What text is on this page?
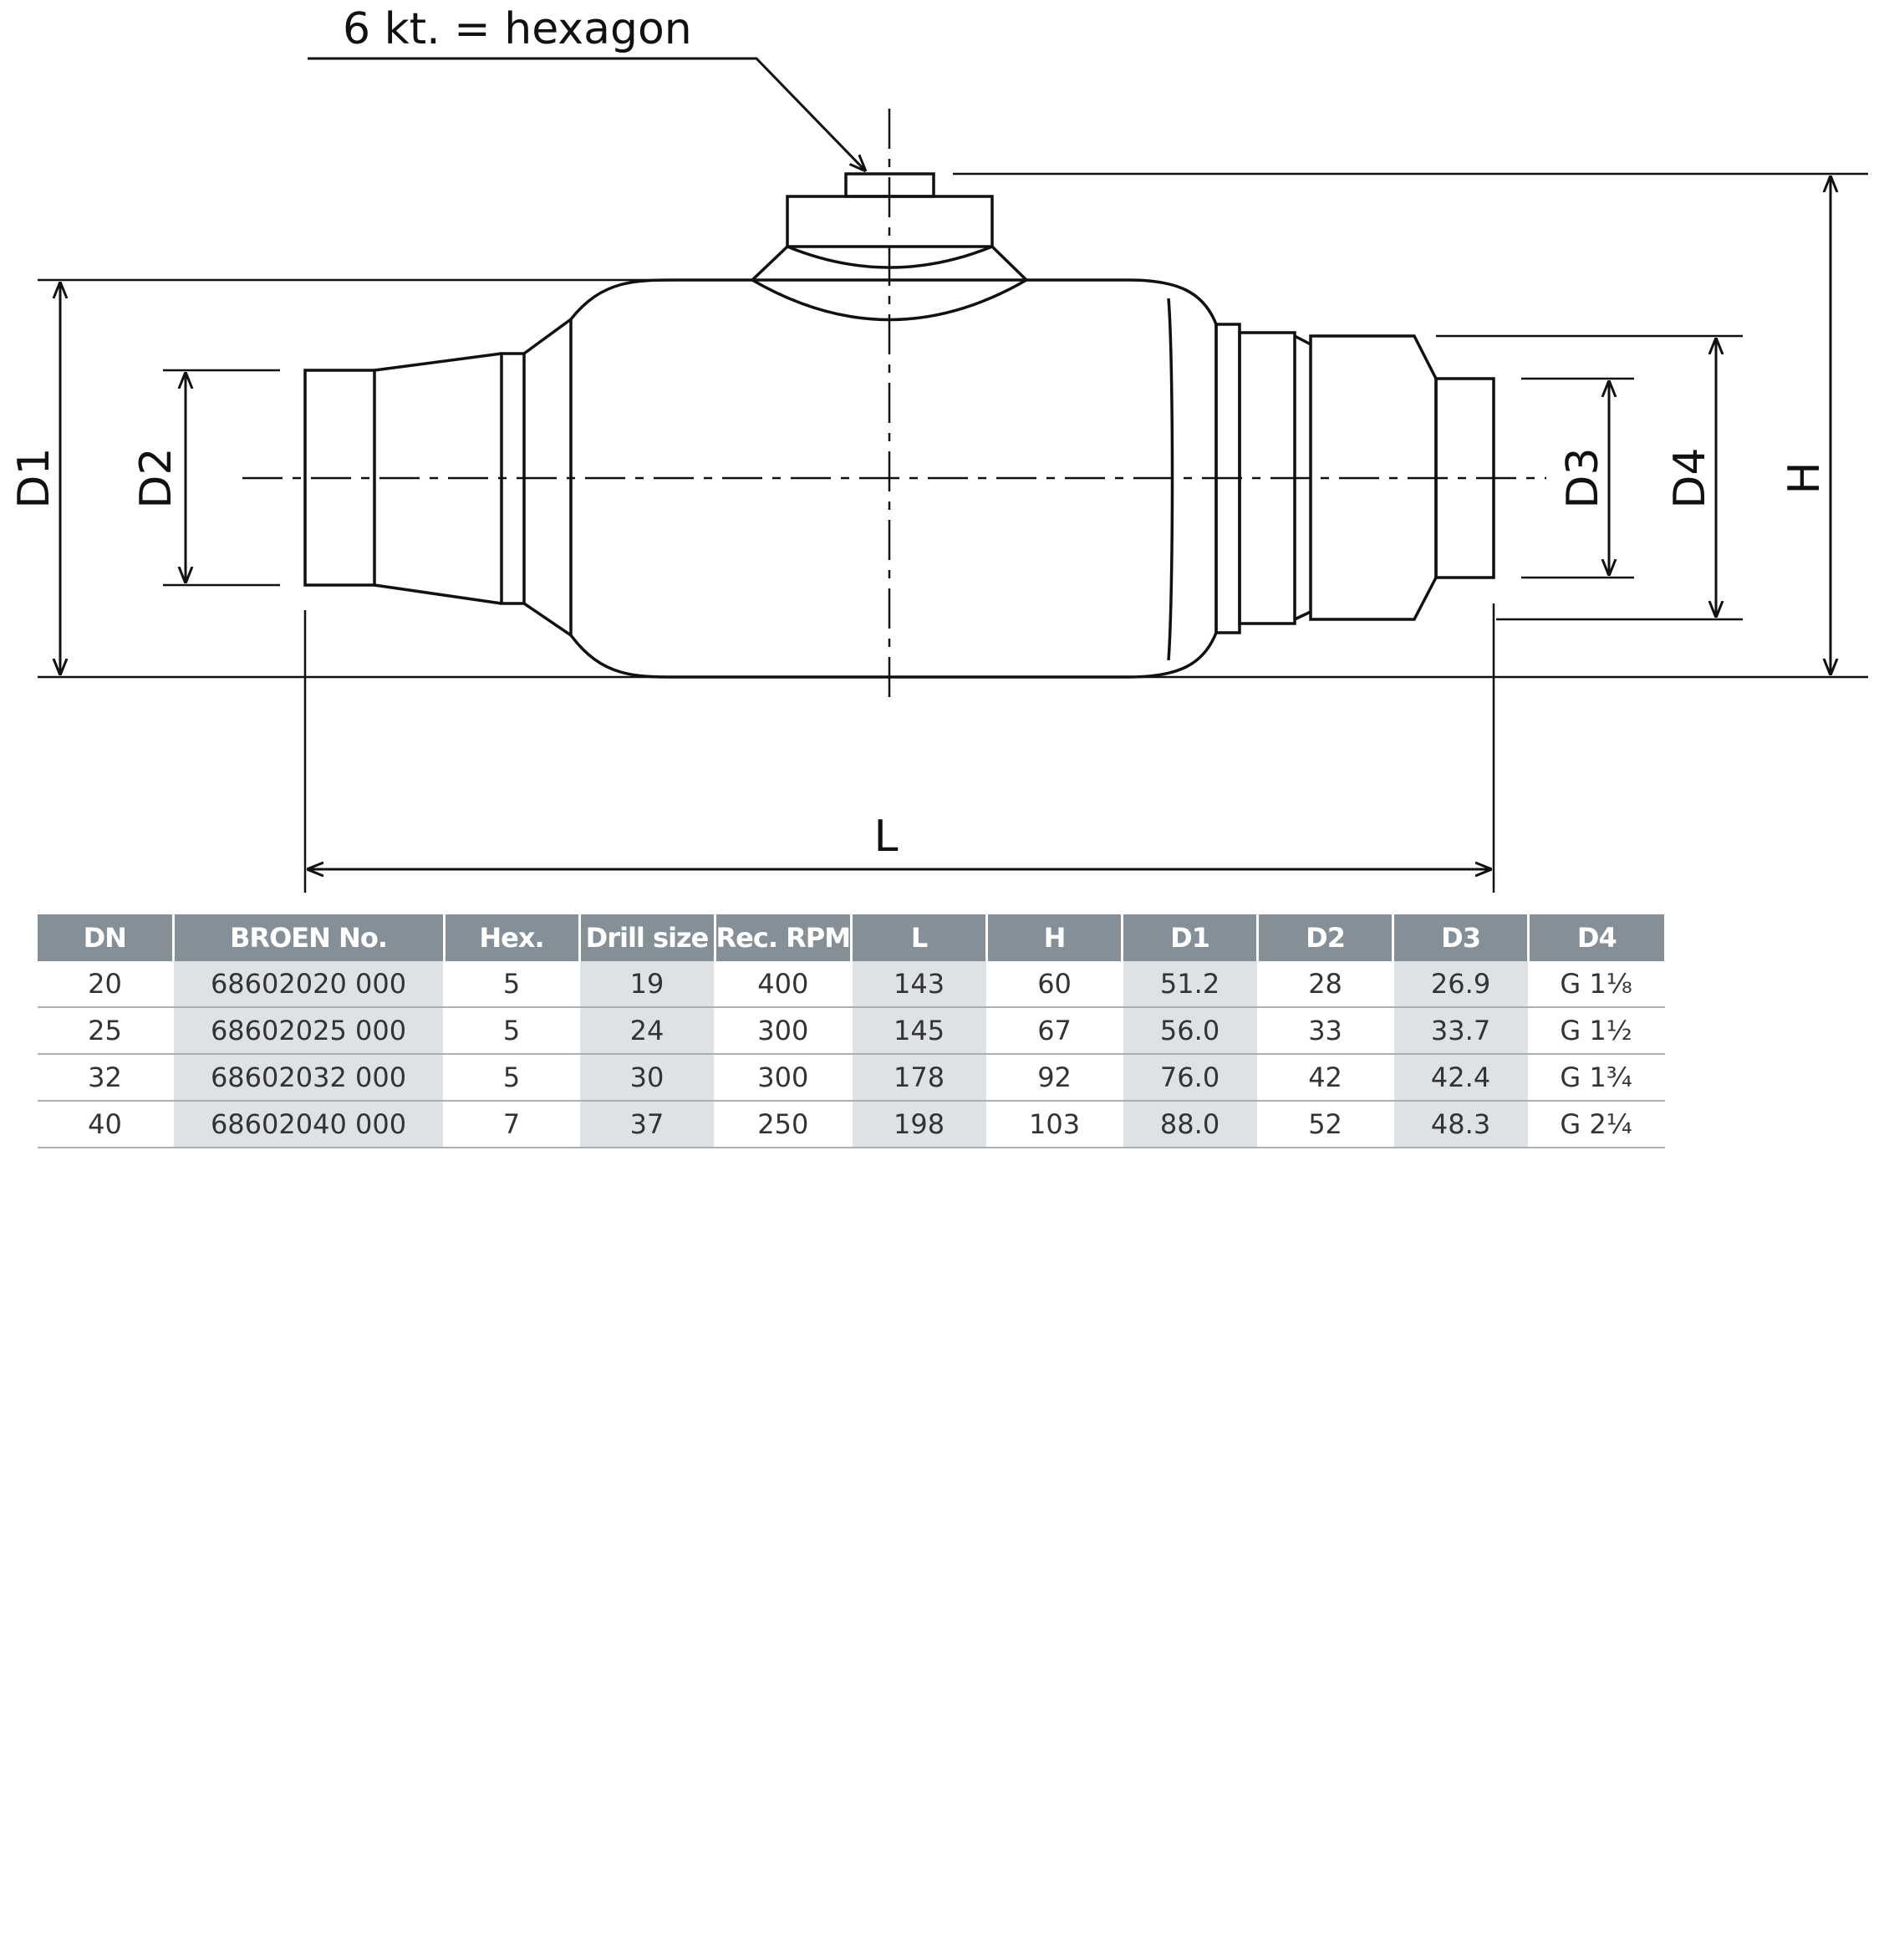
6 kt. = hexagon
D1 D2	D3 D4 H
L
DN	BROEN No.	Hex.	Drill size	Rec. RPM	L	H	D1	D2	D3	D4
20	68602020 000	5	19	400	143	60	51.2	28	26.9	G 1⅛
25	68602025 000	5	24	300	145	67	56.0	33	33.7	G 1½
32	68602032 000	5	30	300	178	92	76.0	42	42.4	G 1¾
40	68602040 000	7	37	250	198	103	88.0	52	48.3	G 2¼
